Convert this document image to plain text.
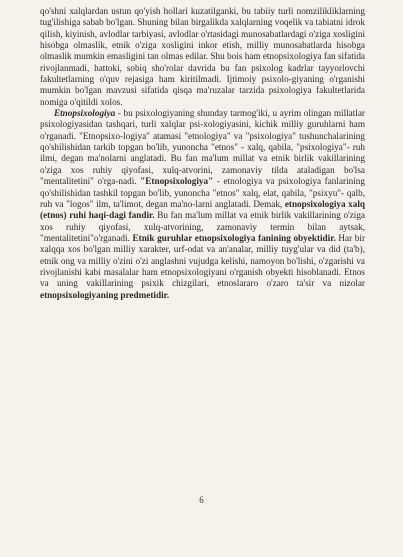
qo'shni xalqlardan ustun qo'yish hollari kuzatilganki, bu tabiiy turli nomzilikliklarning tug'ilishiga sabab bo'lgan. Shuning bilan birgalikda xalqlarning voqelik va tabiatni idrok qilish, kiyinish, avlodlar tarbiyasi, avlodlar o'rtasidagi munosabatlardagi o'ziga xosligini hisobga olmaslik, etnik o'ziga xosligini inkor etish, milliy munosabatlarda hisobga olmaslik mumkin emasligini tan olmas edilar. Shu bois ham etnopsixologiya fan sifatida rivojlanmadi, hattoki, sobiq sho'rolar davrida bu fan psixolog kadrlar tayyorlovchi fakultetlarning o'quv rejasiga ham kiritilmadi. Ijtimoiy psixolo-giyaning o'rganishi mumkin bo'lgan mavzusi sifatida qisqa ma'ruzalar tarzida psixologiya fakultetlarida nomiga o'qitildi xolos.

Etnopsixologiya - bu psixologiyaning shunday tarmog'iki, u ayrim olingan millatlar psixologiyasidan tashqari, turli xalqlar psi-xologiyasini, kichik milliy guruhlarni ham o'rganadi. "Etnopsixo-logiya" atamasi "etnologiya" va "psixologiya" tushunchalarining qo'shilishidan tarkib topgan bo'lib, yunoncha "etnos" - xalq, qabila, "psixologiya"- ruh ilmi, degan ma'nolarni anglatadi. Bu fan ma'lum millat va etnik birlik vakillarining o'ziga xos ruhiy qiyofasi, xulq-atvorini, zamonaviy tilda ataladigan bo'lsa "mentalitetini" o'rga-nadi. "Etnopsixologiya" - etnologiya va psixologiya fanlarining qo'shilishidan tashkil topgan bo'lib, yunoncha "etnos" xalq, elat, qabila, "psixyu"- qalb, ruh va "logos" ilm, ta'limot, degan ma'no-larni anglatadi. Demak, etnopsixologiya xalq (etnos) ruhi haqi-dagi fandir. Bu fan ma'lum millat va etnik birlik vakillarining o'ziga xos ruhiy qiyofasi, xulq-atvorining, zamonaviy termin bilan aytsak, "mentalitetini"o'rganadi. Etnik guruhlar etnopsixologiya fanining obyektidir. Har bir xalqqa xos bo'lgan milliy xarakter, urf-odat va an'analar, milliy tuyg'ular va did (ta'b), etnik ong va milliy o'zini o'zi anglashni vujudga kelishi, namoyon bo'lishi, o'zgarishi va rivojlanishi kabi masalalar ham etnopsixologiyani o'rganish obyekti hisoblanadi. Etnos va uning vakillarining psixik chizgilari, etnoslararo o'zaro ta'sir va nizolar etnopsixologiyaning predmetidir.

6
